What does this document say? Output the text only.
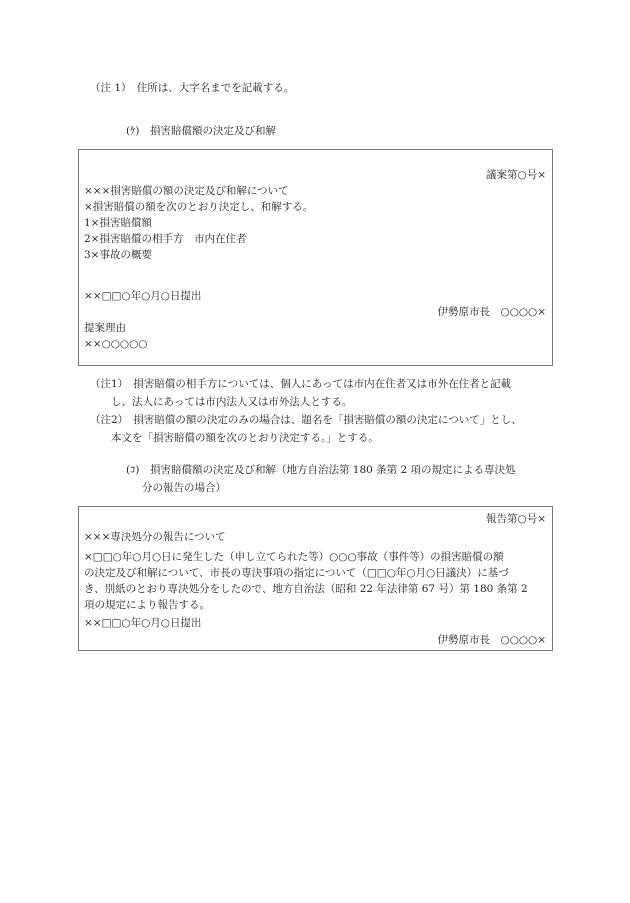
（注 1）　住所は、大字名までを記載する。
(ｹ)　損害賠償額の決定及び和解
議案第○号×
×××損害賠償の額の決定及び和解について
×損害賠償の額を次のとおり決定し、和解する。
1×損害賠償額
2×損害賠償の相手方　市内在住者
3×事故の概要
××□□○年○月○日提出
伊勢原市長　○○○○×
提案理由
××○○○○○
（注1）　損害賠償の相手方については、個人にあっては市内在住者又は市外在住者と記載
し、法人にあっては市内法人又は市外法人とする。
（注2）　損害賠償の額の決定のみの場合は、題名を「損害賠償の額の決定について」とし、
本文を「損害賠償の額を次のとおり決定する。」とする。
(ｺ)　損害賠償額の決定及び和解（地方自治法第 180 条第 2 項の規定による専決処
分の報告の場合）
報告第○号×
×××専決処分の報告について
×□□○年○月○日に発生した（申し立てられた等）○○○事故（事件等）の損害賠償の額
の決定及び和解について、市長の専決事項の指定について（□□○年○月○日議決）に基づ
き、別紙のとおり専決処分をしたので、地方自治法（昭和 22 年法律第 67 号）第 180 条第 2
項の規定により報告する。
××□□○年○月○日提出
伊勢原市長　○○○○×
